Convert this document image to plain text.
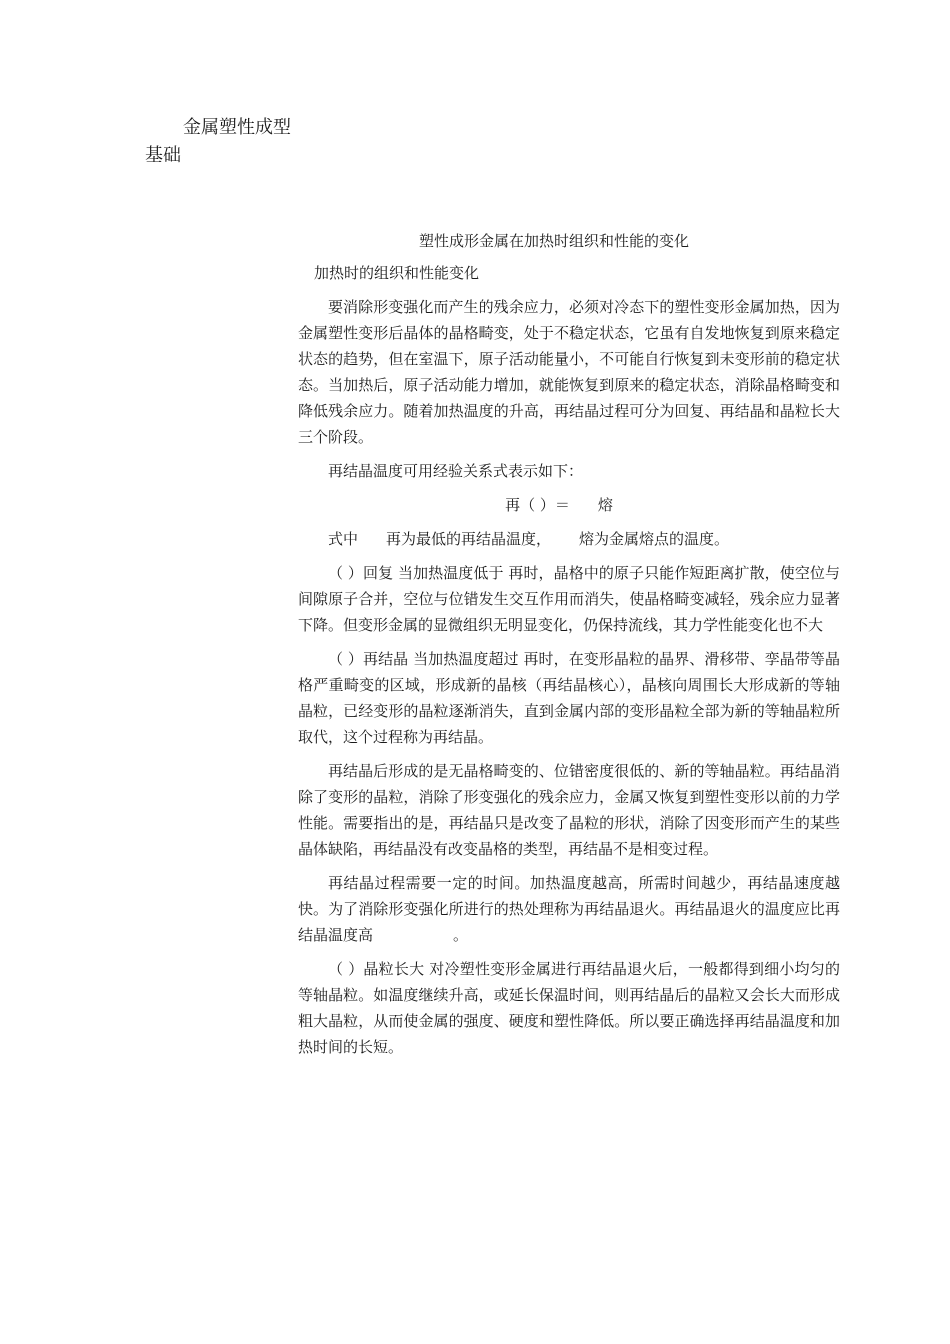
金属塑性成型
基础
塑性成形金属在加热时组织和性能的变化
加热时的组织和性能变化

要消除形变强化而产生的残余应力，必须对冷态下的塑性变形金属加热，因为金属塑性变形后晶体的晶格畸变，处于不稳定状态，它虽有自发地恢复到原来稳定状态的趋势，但在室温下，原子活动能量小，不可能自行恢复到未变形前的稳定状态。当加热后，原子活动能力增加，就能恢复到原来的稳定状态，消除晶格畸变和降低残余应力。随着加热温度的升高，再结晶过程可分为回复、再结晶和晶粒长大三个阶段。

再结晶温度可用经验关系式表示如下：

再（ ）＝ 熔

式中 再为最低的再结晶温度， 熔为金属熔点的温度。

（ ）回复 当加热温度低于 再时，晶格中的原子只能作短距离扩散，使空位与间隙原子合并，空位与位错发生交互作用而消失，使晶格畸变减轻，残余应力显著下降。但变形金属的显微组织无明显变化，仍保持流线，其力学性能变化也不大

（ ）再结晶 当加热温度超过 再时，在变形晶粒的晶界、滑移带、孪晶带等晶格严重畸变的区域，形成新的晶核（再结晶核心），晶核向周围长大形成新的等轴晶粒，已经变形的晶粒逐渐消失，直到金属内部的变形晶粒全部为新的等轴晶粒所取代，这个过程称为再结晶。

再结晶后形成的是无晶格畸变的、位错密度很低的、新的等轴晶粒。再结晶消除了变形的晶粒，消除了形变强化的残余应力，金属又恢复到塑性变形以前的力学性能。需要指出的是，再结晶只是改变了晶粒的形状，消除了因变形而产生的某些晶体缺陷，再结晶没有改变晶格的类型，再结晶不是相变过程。

再结晶过程需要一定的时间。加热温度越高，所需时间越少，再结晶速度越快。为了消除形变强化所进行的热处理称为再结晶退火。再结晶退火的温度应比再结晶温度高	。

（ ）晶粒长大 对冷塑性变形金属进行再结晶退火后，一般都得到细小均匀的等轴晶粒。如温度继续升高，或延长保温时间，则再结晶后的晶粒又会长大而形成粗大晶粒，从而使金属的强度、硬度和塑性降低。所以要正确选择再结晶温度和加热时间的长短。
